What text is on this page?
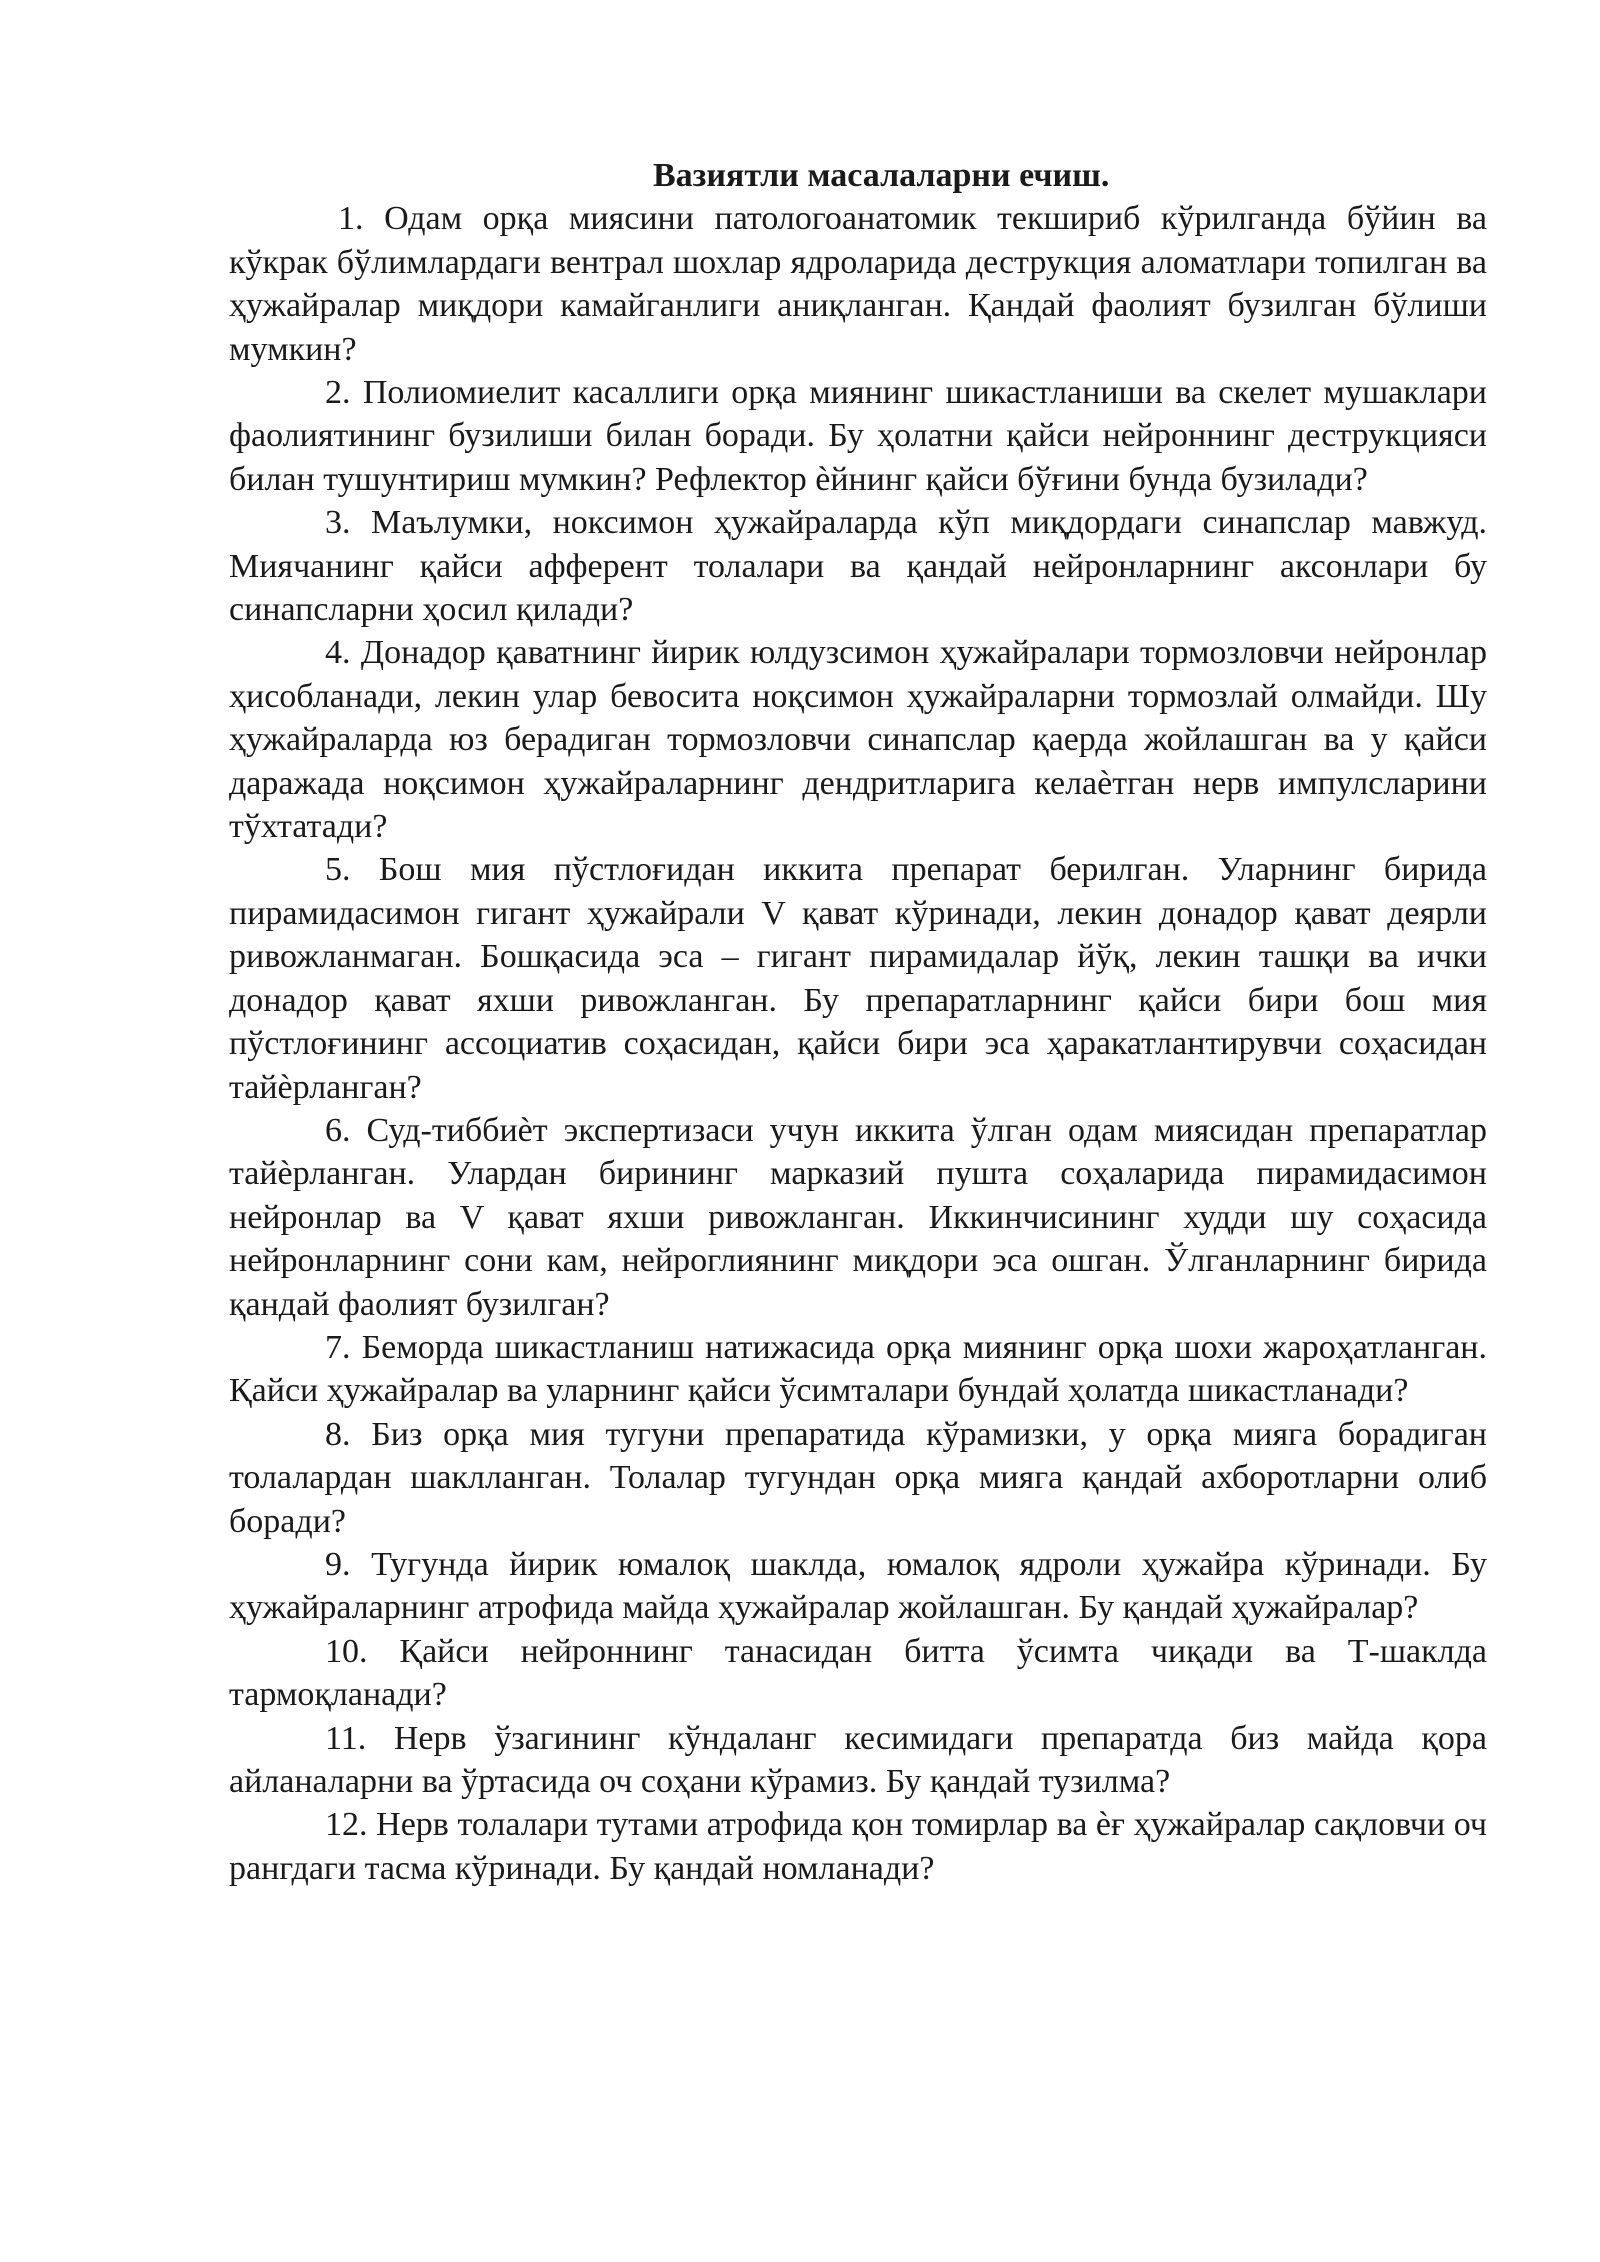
Вазиятли масалаларни ечиш.

1. Одам орқа миясини патологоанатомик текшириб кўрилганда бўйин ва кўкрак бўлимлардаги вентрал шохлар ядроларида деструкция аломатлари топилган ва ҳужайралар миқдори камайганлиги аниқланган. Қандай фаолият бузилган бўлиши мумкин?

2. Полиомиелит касаллиги орқа миянинг шикастланиши ва скелет мушаклари фаолиятининг бузилиши билан боради. Бу ҳолатни қайси нейроннинг деструкцияси билан тушунтириш мумкин? Рефлектор ѐйнинг қайси бўғини бунда бузилади?

3. Маълумки, ноксимон ҳужайраларда кўп миқдордаги синапслар мавжуд. Миячанинг қайси афферент толалари ва қандай нейронларнинг аксонлари бу синапсларни ҳосил қилади?

4. Донадор қаватнинг йирик юлдузсимон ҳужайралари тормозловчи нейронлар ҳисобланади, лекин улар бевосита ноқсимон ҳужайраларни тормозлай олмайди. Шу ҳужайраларда юз берадиган тормозловчи синапслар қаерда жойлашган ва у қайси даражада ноқсимон ҳужайраларнинг дендритларига келаѐтган нерв импулсларини тўхтатади?

5. Бош мия пўстлоғидан иккита препарат берилган. Уларнинг бирида пирамидасимон гигант ҳужайрали V қават кўринади, лекин донадор қават деярли ривожланмаган. Бошқасида эса – гигант пирамидалар йўқ, лекин ташқи ва ички донадор қават яхши ривожланган. Бу препаратларнинг қайси бири бош мия пўстлоғининг ассоциатив соҳасидан, қайси бири эса ҳаракатлантирувчи соҳасидан тайѐрланган?

6. Суд-тиббиѐт экспертизаси учун иккита ўлган одам миясидан препаратлар тайѐрланган. Улардан бирининг марказий пушта соҳаларида пирамидасимон нейронлар ва V қават яхши ривожланган. Иккинчисининг худди шу соҳасида нейронларнинг сони кам, нейроглиянинг миқдори эса ошган. Ўлганларнинг бирида қандай фаолият бузилган?

7. Беморда шикастланиш натижасида орқа миянинг орқа шохи жароҳатланган. Қайси ҳужайралар ва уларнинг қайси ўсимталари бундай ҳолатда шикастланади?

8. Биз орқа мия тугуни препаратида кўрамизки, у орқа мияга борадиган толалардан шаклланган. Толалар тугундан орқа мияга қандай ахборотларни олиб боради?

9. Тугунда йирик юмалоқ шаклда, юмалоқ ядроли ҳужайра кўринади. Бу ҳужайраларнинг атрофида майда ҳужайралар жойлашган. Бу қандай ҳужайралар?

10. Қайси нейроннинг танасидан битта ўсимта чиқади ва Т-шаклда тармоқланади?

11. Нерв ўзагининг кўндаланг кесимидаги препаратда биз майда қора айланаларни ва ўртасида оч соҳани кўрамиз. Бу қандай тузилма?

12. Нерв толалари тутами атрофида қон томирлар ва ѐғ ҳужайралар сақловчи оч рангдаги тасма кўринади. Бу қандай номланади?
